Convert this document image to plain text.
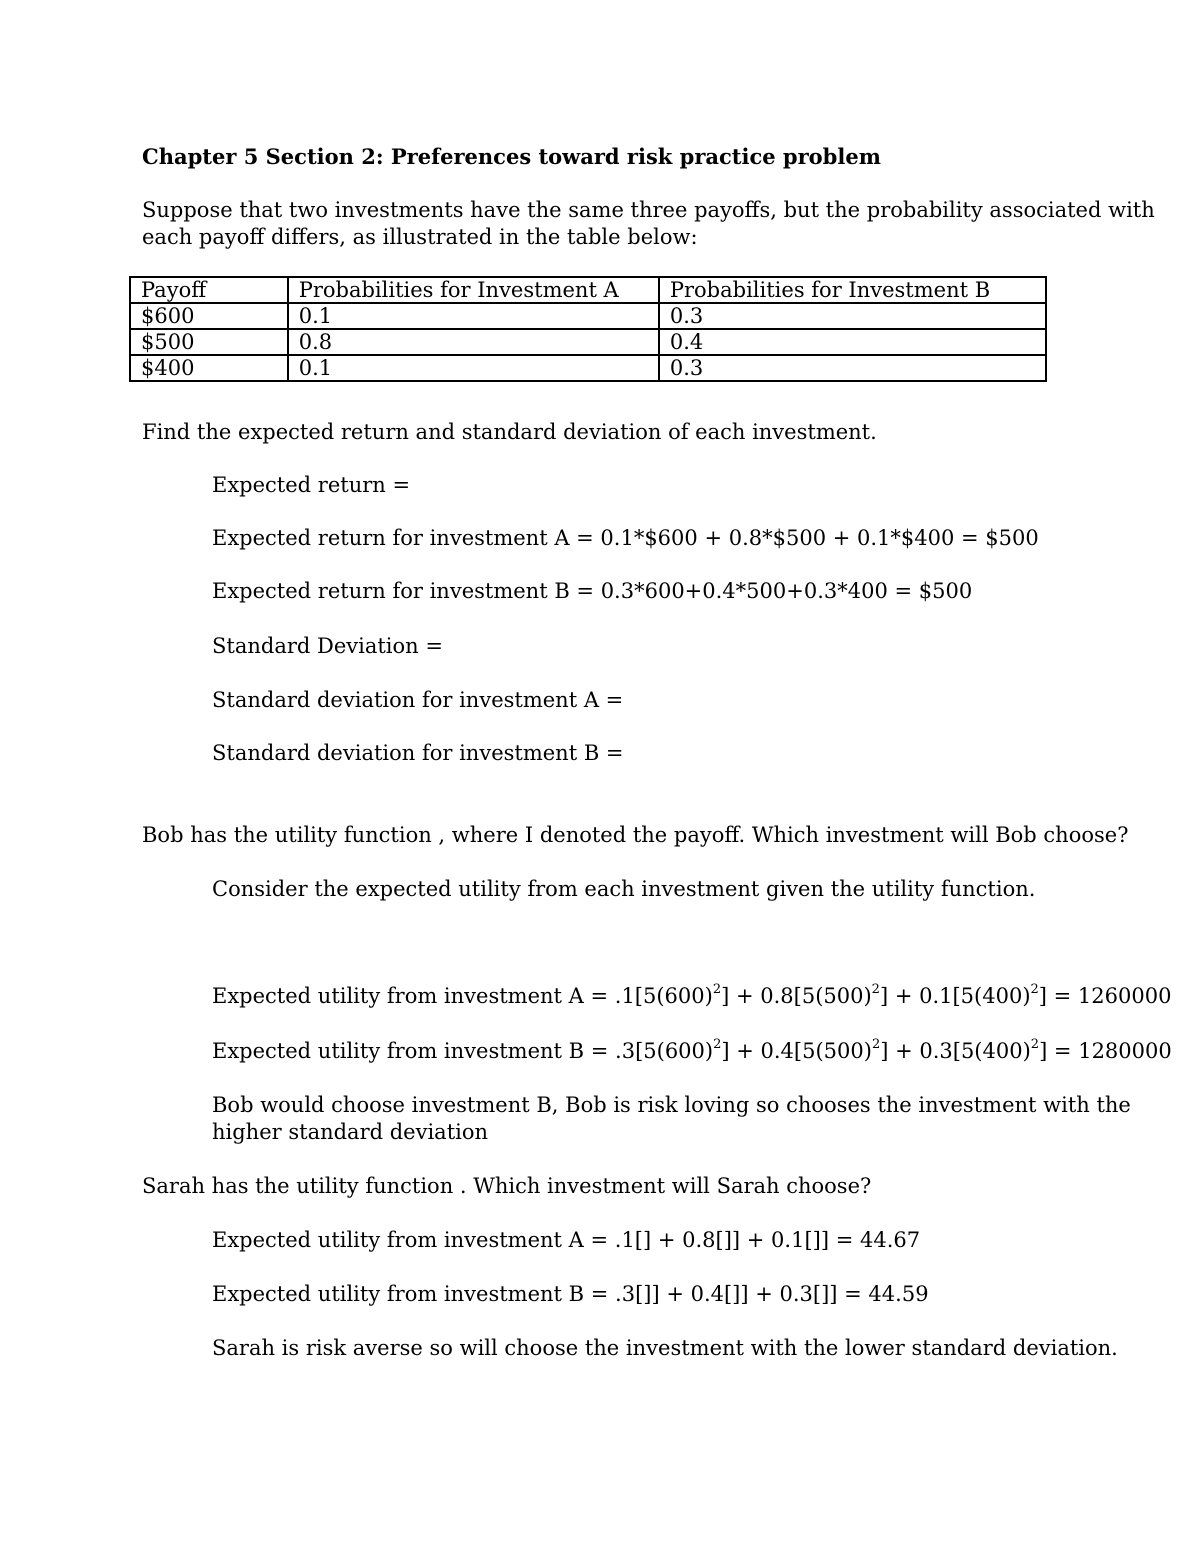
Chapter 5 Section 2: Preferences toward risk practice problem
Suppose that two investments have the same three payoffs, but the probability associated with
each payoff differs, as illustrated in the table below:
Payoff	Probabilities for Investment A	Probabilities for Investment B
$600	0.1	0.3
$500	0.8	0.4
$400	0.1	0.3
Find the expected return and standard deviation of each investment.
Expected return =
Expected return for investment A = 0.1*$600 + 0.8*$500 + 0.1*$400 = $500
Expected return for investment B = 0.3*600+0.4*500+0.3*400 = $500
Standard Deviation =
Standard deviation for investment A =
Standard deviation for investment B =
Bob has the utility function , where I denoted the payoff. Which investment will Bob choose?
Consider the expected utility from each investment given the utility function.
Expected utility from investment $A = .1[5(600)^2] + 0.8[5(500)^2] + 0.1[5(400)^2] = 1260000$
Expected utility from investment $B = .3[5(600)^2] + 0.4[5(500)^2] + 0.3[5(400)^2] = 1280000$
Bob would choose investment B, Bob is risk loving so chooses the investment with the
higher standard deviation
Sarah has the utility function . Which investment will Sarah choose?
Expected utility from investment A = .1[] + 0.8[]] + 0.1[]] = 44.67
Expected utility from investment B = .3[]] + 0.4[]] + 0.3[]] = 44.59
Sarah is risk averse so will choose the investment with the lower standard deviation.
